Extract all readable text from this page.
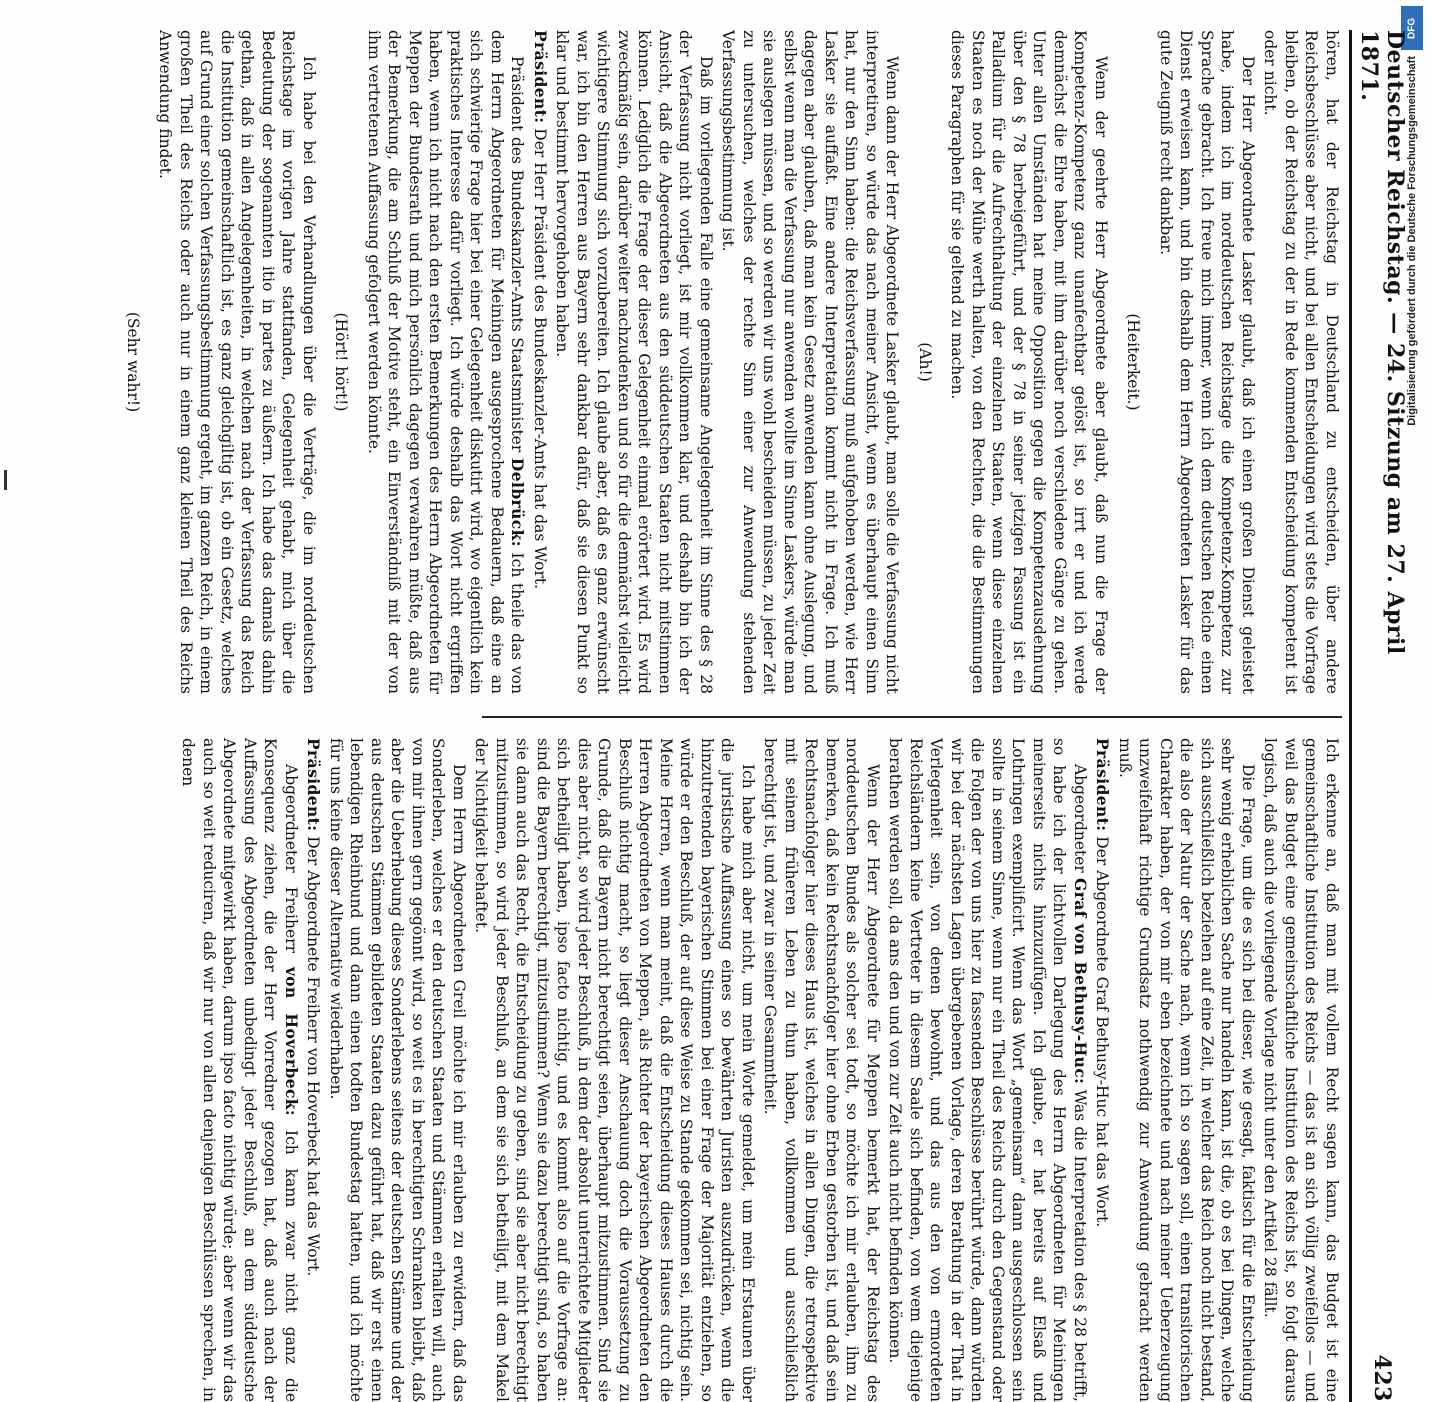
DFG
Digitalisierung gefördert durch die Deutsche Forschungsgemeinschaft
Deutscher Reichstag. — 24. Sitzung am 27. April 1871.
423

hören, hat der Reichstag in Deutschland zu entscheiden, über andere Reichsbeschlüsse aber nicht, und bei allen Entscheidungen wird stets die Vorfrage bleiben, ob der Reichstag zu der in Rede kommenden Entscheidung kompetent ist oder nicht.

Der Herr Abgeordnete Lasker glaubt, daß ich einen großen Dienst geleistet habe, indem ich im norddeutschen Reichstage die Kompetenz-Kompetenz zur Sprache gebracht. Ich freue mich immer, wenn ich dem deutschen Reiche einen Dienst erweisen kann, und bin deshalb dem Herrn Abgeordneten Lasker für das gute Zeugniß recht dankbar.

(Heiterkeit.)

Wenn der geehrte Herr Abgeordnete aber glaubt, daß nun die Frage der Kompetenz-Kompetenz ganz unanfechtbar gelöst ist, so irrt er und ich werde demnächst die Ehre haben, mit ihm darüber noch verschiedene Gänge zu gehen. Unter allen Umständen hat meine Opposition gegen die Kompetenzausdehnung über den § 78 herbeigeführt, und der § 78 in seiner jetzigen Fassung ist ein Palladium für die Aufrechthaltung der einzelnen Staaten, wenn diese einzelnen Staaten es noch der Mühe werth halten, von den Rechten, die die Bestimmungen dieses Paragraphen für sie geltend zu machen.

(Ah!)

Wenn dann der Herr Abgeordnete Lasker glaubt, man solle die Verfassung nicht interpretiren, so würde das nach meiner Ansicht, wenn es überhaupt einen Sinn hat, nur den Sinn haben: die Reichsverfassung muß aufgehoben werden, wie Herr Lasker sie auffaßt. Eine andere Interpretation kommt nicht in Frage. Ich muß dagegen aber glauben, daß man kein Gesetz anwenden kann ohne Auslegung, und selbst wenn man die Verfassung nur anwenden wollte im Sinne Laskers, würde man sie auslegen müssen, und so werden wir uns wohl bescheiden müssen, zu jeder Zeit zu untersuchen, welches der rechte Sinn einer zur Anwendung stehenden Verfassungsbestimmung ist.

Daß im vorliegenden Falle eine gemeinsame Angelegenheit im Sinne des § 28 der Verfassung nicht vorliegt, ist mir vollkommen klar, und deshalb bin ich der Ansicht, daß die Abgeordneten aus den süddeutschen Staaten nicht mitstimmen können. Lediglich die Frage der dieser Gelegenheit einmal erörtert wird. Es wird zweckmäßig sein, darüber weiter nachzudenken und so für die demnächst vielleicht wichtigere Stimmung sich vorzubereiten. Ich glaube aber, daß es ganz erwünscht war, ich bin den Herren aus Bayern sehr dankbar dafür, daß sie diesen Punkt so klar und bestimmt hervorgehoben haben.

Präsident: Der Herr Präsident des Bundeskanzler-Amts hat das Wort.

Präsident des Bundeskanzler-Amts Staatsminister Delbrück: Ich theile das von dem Herrn Abgeordneten für Meiningen ausgesprochene Bedauern, daß eine an sich schwierige Frage hier bei einer Gelegenheit diskutirt wird, wo eigentlich kein praktisches Interesse dafür vorliegt. Ich würde deshalb das Wort nicht ergriffen haben, wenn ich nicht nach den ersten Bemerkungen des Herrn Abgeordneten für Meppen der Bundesrath und mich persönlich dagegen verwahren müßte, daß aus der Bemerkung, die am Schluß der Motive steht, ein Einverständniß mit der von ihm vertretenen Auffassung gefolgert werden könnte.

(Hört! hört!)

Ich habe bei den Verhandlungen über die Verträge, die im norddeutschen Reichstage im vorigen Jahre stattfanden, Gelegenheit gehabt, mich über die Bedeutung der sogenannten itio in partes zu äußern. Ich habe das damals dahin gethan, daß in allen Angelegenheiten, in welchen nach der Verfassung das Reich die Institution gemeinschaftlich ist, es ganz gleichgiltig ist, ob ein Gesetz, welches auf Grund einer solchen Verfassungsbestimmung ergeht, im ganzen Reich, in einem großen Theil des Reichs oder auch nur in einem ganz kleinen Theil des Reichs Anwendung findet.

(Sehr wahr!)

Ich erkenne an, daß man mit vollem Recht sagen kann, das Budget ist eine gemeinschaftliche Institution des Reichs — das ist an sich völlig zweifellos — und weil das Budget eine gemeinschaftliche Institution des Reichs ist, so folgt daraus logisch, daß auch die vorliegende Vorlage nicht unter den Artikel 28 fällt.

Die Frage, um die es sich bei dieser, wie gesagt, faktisch für die Entscheidung sehr wenig erheblichen Sache nur handeln kann, ist die, ob es bei Dingen, welche sich ausschließlich beziehen auf eine Zeit, in welcher das Reich noch nicht bestand, die also der Natur der Sache nach, wenn ich so sagen soll, einen transitorischen Charakter haben, der von mir eben bezeichnete und nach meiner Ueberzeugung unzweifelhaft richtige Grundsatz nothwendig zur Anwendung gebracht werden muß.

Präsident: Der Abgeordnete Graf Bethusy-Huc hat das Wort.

Abgeordneter Graf von Bethusy-Huc: Was die Interpretation des § 28 betrifft, so habe ich der lichtvollen Darlegung des Herrn Abgeordneten für Meiningen meinerseits nichts hinzuzufügen. Ich glaube, er hat bereits auf Elsaß und Lothringen exemplificirt. Wenn das Wort „gemeinsam“ dann ausgeschlossen sein sollte in seinem Sinne, wenn nur ein Theil des Reichs durch den Gegenstand oder die Folgen der von uns hier zu fassenden Beschlüsse berührt würde, dann würden wir bei der nächsten Lagen übergebenen Vorlage, deren Berathung in der That in Verlegenheit sein, von denen bewohnt, und das aus den von ermordeten Reichsländern keine Vertreter in diesem Saale sich befinden, von wem diejenige berathen werden soll, da ans den und von zur Zeit auch nicht befinden können.

Wenn der Herr Abgeordnete für Meppen bemerkt hat, der Reichstag des norddeutschen Bundes als solcher sei todt, so möchte ich mir erlauben, ihm zu bemerken, daß kein Rechtsnachfolger hier ohne Erben gestorben ist, und daß sein Rechtsnachfolger hier dieses Haus ist, welches in allen Dingen, die retrospektive mit seinem früheren Leben zu thun haben, vollkommen und ausschließlich berechtigt ist, und zwar in seiner Gesammtheit.

Ich habe mich aber nicht, um mein Worte gemeldet, um mein Erstaunen über die juristische Auffassung eines so bewährten Juristen auszudrücken, wenn die hinzutretenden bayerischen Stimmen bei einer Frage der Majorität entziehen, so würde er den Beschluß, der auf diese Weise zu Stande gekommen sei, nichtig sein. Meine Herren, wenn man meint, daß die Entscheidung dieses Hauses durch die Herren Abgeordneten von Meppen, als Richter der bayerischen Abgeordneten den Beschluß nichtig macht, so liegt dieser Anschauung doch die Voraussetzung zu Grunde, daß die Bayern nicht berechtigt seien, überhaupt mitzustimmen. Sind sie dies aber nicht, so wird jeder Beschluß, in dem der absolut unterrichtete Mitglieder sich betheiligt haben, ipso facto nichtig, und es kommt also auf die Vorfrage an: sind die Bayern berechtigt, mitzustimmen? Wenn sie dazu berechtigt sind, so haben sie dann auch das Recht, die Entscheidung zu geben, sind sie aber nicht berechtigt mitzustimmen, so wird jeder Beschluß, an dem sie sich betheiligt, mit dem Makel der Nichtigkeit behaftet.

Dem Herrn Abgeordneten Greil möchte ich mir erlauben zu erwidern, daß das Sonderleben, welches er den deutschen Staaten und Stämmen erhalten will, auch von mir ihnen gern gegönnt wird, so weit es in berechtigten Schranken bleibt, daß aber die Ueberhebung dieses Sonderlebens seitens der deutschen Stämme und der aus deutschen Stämmen gebildeten Staaten dazu geführt hat, daß wir erst einen lebendigen Rheinbund und dann einen todten Bundestag hatten, und ich möchte für uns keine dieser Alternative wiederhaben.

Präsident: Der Abgeordnete Freiherr von Hoverbeck hat das Wort.

Abgeordneter Freiherr von Hoverbeck: Ich kann zwar nicht ganz die Konsequenz ziehen, die der Herr Vorredner gezogen hat, daß auch nach der Auffassung des Abgeordneten unbedingt jeder Beschluß, an dem süddeutsche Abgeordnete mitgewirkt haben, darum ipso facto nichtig würde; aber wenn wir das auch so weit reduciren, daß wir nur von allen denjenigen Beschlüssen sprechen, in denen
